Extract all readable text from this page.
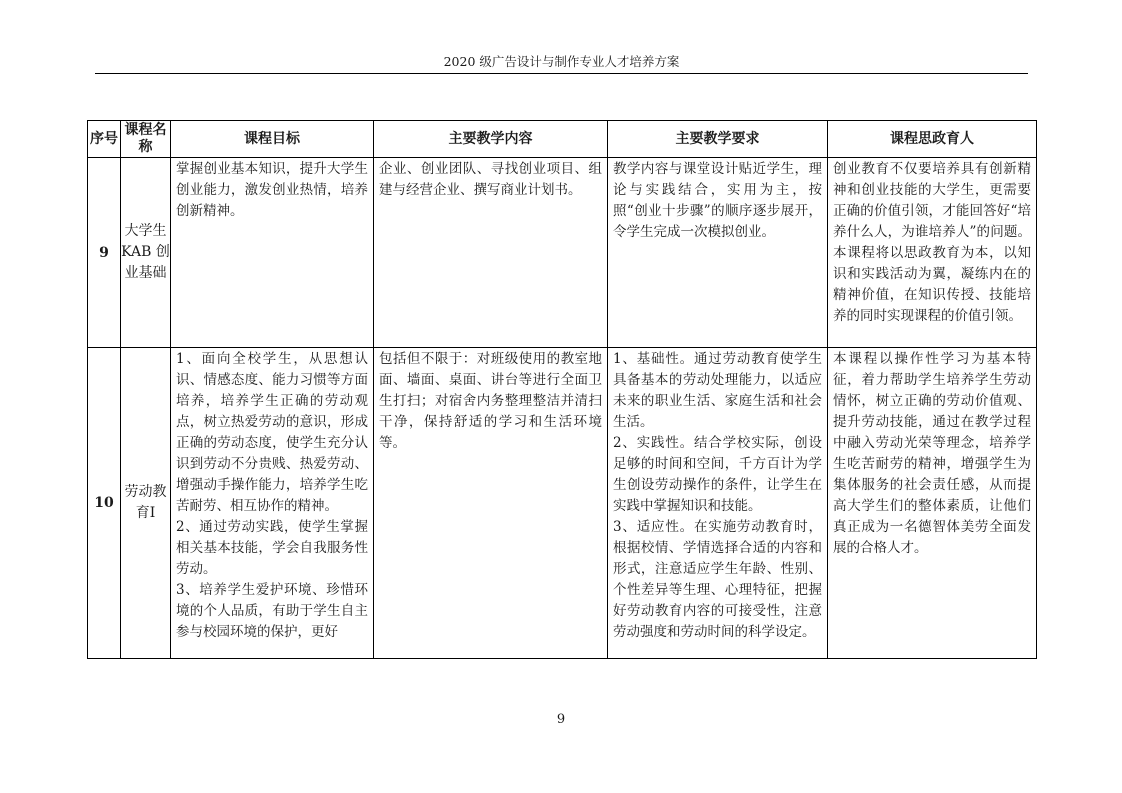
2020 级广告设计与制作专业人才培养方案
序号	课程名称	课程目标	主要教学内容	主要教学要求	课程思政育人
9	大学生 KAB 创业基础	掌握创业基本知识，提升大学生创业能力，激发创业热情，培养创新精神。	企业、创业团队、寻找创业项目、组建与经营企业、撰写商业计划书。	教学内容与课堂设计贴近学生，理论与实践结合，实用为主，按照“创业十步骤”的顺序逐步展开，令学生完成一次模拟创业。	创业教育不仅要培养具有创新精神和创业技能的大学生，更需要正确的价值引领，才能回答好“培养什么人，为谁培养人”的问题。本课程将以思政教育为本，以知识和实践活动为翼，凝练内在的精神价值，在知识传授、技能培养的同时实现课程的价值引领。

10	劳动教育Ⅰ	1、面向全校学生，从思想认识、情感态度、能力习惯等方面培养，培养学生正确的劳动观点，树立热爱劳动的意识，形成正确的劳动态度，使学生充分认识到劳动不分贵贱、热爱劳动、增强动手操作能力，培养学生吃苦耐劳、相互协作的精神。
2、通过劳动实践，使学生掌握相关基本技能，学会自我服务性劳动。
3、培养学生爱护环境、珍惜环境的个人品质，有助于学生自主参与校园环境的保护，更好	包括但不限于：对班级使用的教室地面、墙面、桌面、讲台等进行全面卫生打扫；对宿舍内务整理整洁并清扫干净，保持舒适的学习和生活环境等。	1、基础性。通过劳动教育使学生具备基本的劳动处理能力，以适应未来的职业生活、家庭生活和社会生活。
2、实践性。结合学校实际，创设足够的时间和空间，千方百计为学生创设劳动操作的条件，让学生在实践中掌握知识和技能。
3、适应性。在实施劳动教育时，根据校情、学情选择合适的内容和形式，注意适应学生年龄、性别、个性差异等生理、心理特征，把握好劳动教育内容的可接受性，注意劳动强度和劳动时间的科学设定。	本课程以操作性学习为基本特征，着力帮助学生培养学生劳动情怀，树立正确的劳动价值观、提升劳动技能，通过在教学过程中融入劳动光荣等理念，培养学生吃苦耐劳的精神，增强学生为集体服务的社会责任感，从而提高大学生们的整体素质，让他们真正成为一名德智体美劳全面发展的合格人才。
9
